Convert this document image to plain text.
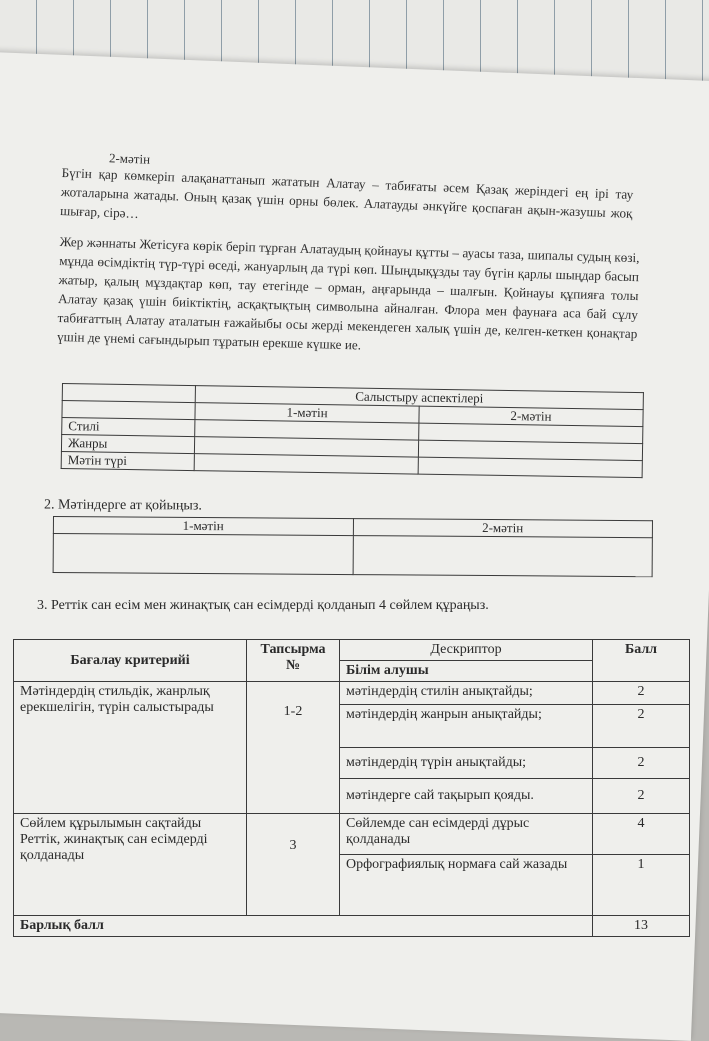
2-мәтін
Бүгін қар көмкеріп алақанаттанып жататын Алатау – табиғаты әсем Қазақ жеріндегі ең ірі тау жоталарына жатады. Оның қазақ үшін орны бөлек. Алатауды әнкүйге қоспаған ақын-жазушы жоқ шығар, сірә…
Жер жәннаты Жетісуға көрік беріп тұрған Алатаудың қойнауы құтты – ауасы таза, шипалы судың көзі, мұнда өсімдіктің түр-түрі өседі, жануарлың да түрі көп. Шыңдықұзды тау бүгін қарлы шыңдар басып жатыр, қалың мұздақтар көп, тау етегінде – орман, аңғарында – шалғын. Қойнауы құпияға толы Алатау қазақ үшін биіктіктің, асқақтықтың символына айналған. Флора мен фаунаға аса бай сұлу табиғаттың Алатау аталатын ғажайыбы осы жерді мекендеген халық үшін де, келген-кеткен қонақтар үшін де үнемі сағындырып тұратын ерекше күшке ие.
	Салыстыру аспектілері	
	1-мәтін	2-мәтін
Стилі		
Жанры		
Мәтін түрі		
2. Мәтіндерге ат қойыңыз.
1-мәтін	2-мәтін

3. Реттік сан есім мен жинақтық сан есімдерді қолданып 4 сөйлем құраңыз.
Бағалау критерийі	Тапсырма №	Дескриптор	Балл
		Білім алушы	
Мәтіндердің стильдік, жанрлық ерекшелігін, түрін салыстырады	1-2	мәтіндердің стилін анықтайды;	2
		мәтіндердің жанрын анықтайды;	2
		мәтіндердің түрін анықтайды;	2
		мәтіндерге сай тақырып қояды.	2
Сөйлем құрылымын сақтайды Реттік, жинақтық сан есімдерді қолданады	3	Сөйлемде сан есімдерді дұрыс қолданады	4
		Орфографиялық нормаға сай жазады	1
Барлық балл			13
